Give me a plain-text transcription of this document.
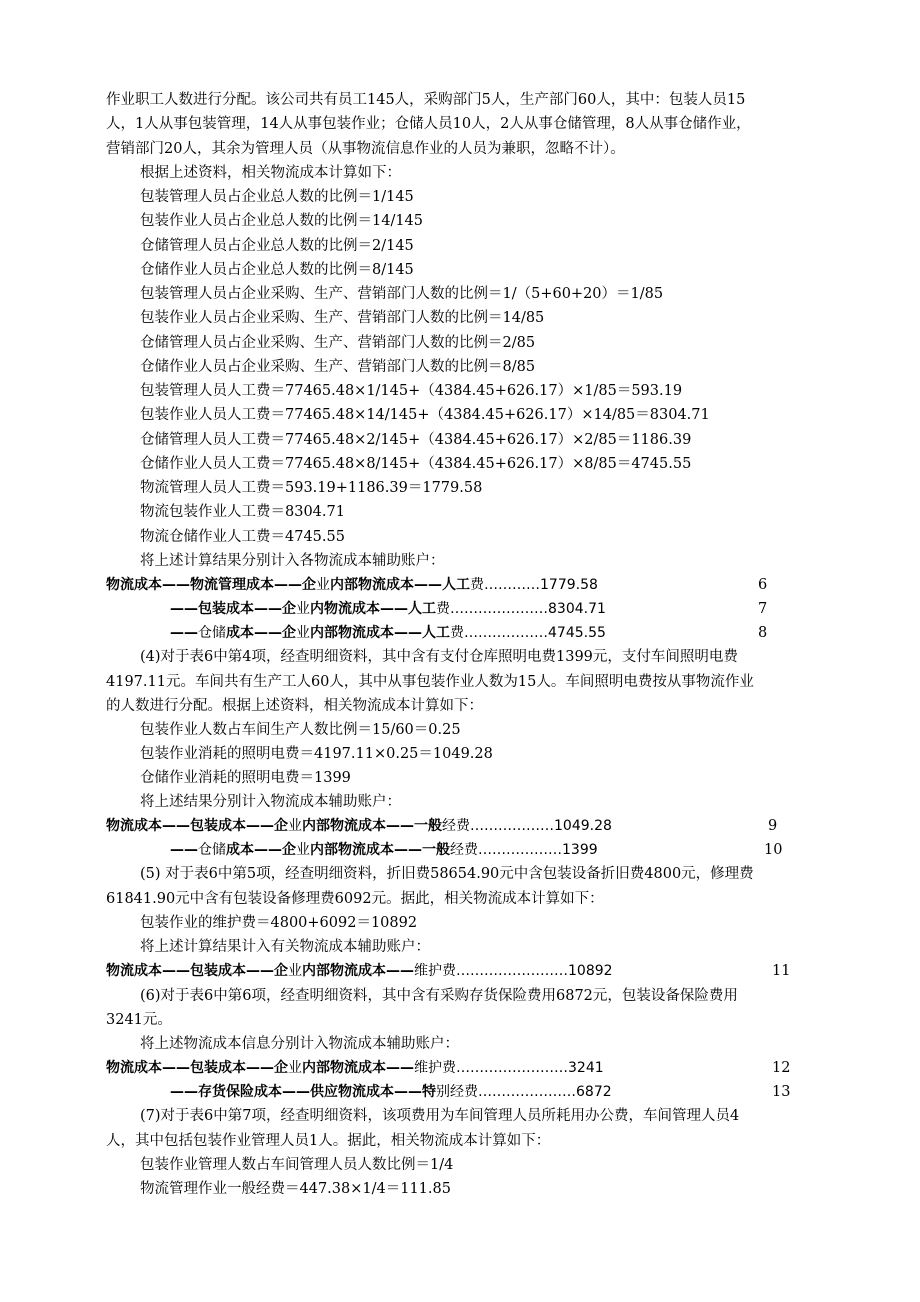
作业职工人数进行分配。该公司共有员工145人，采购部门5人，生产部门60人，其中：包装人员15
人，1人从事包装管理，14人从事包装作业；仓储人员10人，2人从事仓储管理，8人从事仓储作业，
营销部门20人，其余为管理人员（从事物流信息作业的人员为兼职，忽略不计）。
根据上述资料，相关物流成本计算如下：
包装管理人员占企业总人数的比例＝1/145
包装作业人员占企业总人数的比例＝14/145
仓储管理人员占企业总人数的比例＝2/145
仓储作业人员占企业总人数的比例＝8/145
包装管理人员占企业采购、生产、营销部门人数的比例＝1/（5+60+20）＝1/85
包装作业人员占企业采购、生产、营销部门人数的比例＝14/85
仓储管理人员占企业采购、生产、营销部门人数的比例＝2/85
仓储作业人员占企业采购、生产、营销部门人数的比例＝8/85
包装管理人员人工费＝77465.48×1/145+（4384.45+626.17）×1/85＝593.19
包装作业人员人工费＝77465.48×14/145+（4384.45+626.17）×14/85＝8304.71
仓储管理人员人工费＝77465.48×2/145+（4384.45+626.17）×2/85＝1186.39
仓储作业人员人工费＝77465.48×8/145+（4384.45+626.17）×8/85＝4745.55
物流管理人员人工费＝593.19+1186.39＝1779.58
物流包装作业人工费＝8304.71
物流仓储作业人工费＝4745.55
将上述计算结果分别计入各物流成本辅助账户：
物流成本——物流管理成本——企业内部物流成本——人工费…………1779.58	6
——包装成本——企业内物流成本——人工费…………………8304.71	7
——仓储成本——企业内部物流成本——人工费………………4745.55	8
(4)对于表6中第4项，经查明细资料，其中含有支付仓库照明电费1399元，支付车间照明电费
4197.11元。车间共有生产工人60人，其中从事包装作业人数为15人。车间照明电费按从事物流作业
的人数进行分配。根据上述资料，相关物流成本计算如下：
包装作业人数占车间生产人数比例＝15/60＝0.25
包装作业消耗的照明电费＝4197.11×0.25＝1049.28
仓储作业消耗的照明电费＝1399
将上述结果分别计入物流成本辅助账户：
物流成本——包装成本——企业内部物流成本——一般经费………………1049.28	9
——仓储成本——企业内部物流成本——一般经费………………1399	10
(5) 对于表6中第5项，经查明细资料，折旧费58654.90元中含包装设备折旧费4800元，修理费
61841.90元中含有包装设备修理费6092元。据此，相关物流成本计算如下：
包装作业的维护费＝4800+6092＝10892
将上述计算结果计入有关物流成本辅助账户：
物流成本——包装成本——企业内部物流成本——维护费……………………10892	11
(6)对于表6中第6项，经查明细资料，其中含有采购存货保险费用6872元，包装设备保险费用
3241元。
将上述物流成本信息分别计入物流成本辅助账户：
物流成本——包装成本——企业内部物流成本——维护费……………………3241	12
——存货保险成本——供应物流成本——特别经费…………………6872	13
(7)对于表6中第7项，经查明细资料，该项费用为车间管理人员所耗用办公费，车间管理人员4
人，其中包括包装作业管理人员1人。据此，相关物流成本计算如下：
包装作业管理人数占车间管理人员人数比例＝1/4
物流管理作业一般经费＝447.38×1/4＝111.85
